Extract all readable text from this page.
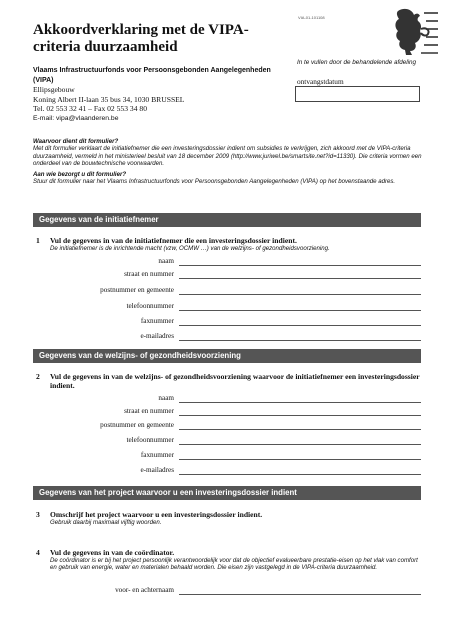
Akkoordverklaring met de VIPA-criteria duurzaamheid
VIA-01-101108
Vlaams Infrastructuurfonds voor Persoonsgebonden Aangelegenheden (VIPA)
Ellipsgebouw
Koning Albert II-laan 35 bus 34, 1030 BRUSSEL
Tel. 02 553 32 41 – Fax 02 553 34 80
E-mail: vipa@vlaanderen.be
In te vullen door de behandelende afdeling
ontvangstdatum
Waarvoor dient dit formulier?
Met dit formulier verklaart de initiatiefnemer die een investeringsdossier indient om subsidies te verkrijgen, zich akkoord met de VIPA-criteria duurzaamheid, vermeld in het ministerieel besluit van 18 december 2009 (http://www.juriwel.be/smartsite.net?id=11330). Die criteria vormen een onderdeel van de bouwtechnische voorwaarden.
Aan wie bezorgt u dit formulier?
Stuur dit formulier naar het Vlaams Infrastructuurfonds voor Persoonsgebonden Aangelegenheden (VIPA) op het bovenstaande adres.
Gegevens van de initiatiefnemer
1 Vul de gegevens in van de initiatiefnemer die een investeringsdossier indient.
De initiatiefnemer is de inrichtende macht (vzw, OCMW …) van de welzijns- of gezondheidsvoorziening.
naam
straat en nummer
postnummer en gemeente
telefoonnummer
faxnummer
e-mailadres
Gegevens van de welzijns- of gezondheidsvoorziening
2 Vul de gegevens in van de welzijns- of gezondheidsvoorziening waarvoor de initiatiefnemer een investeringsdossier indient.
naam
straat en nummer
postnummer en gemeente
telefoonnummer
faxnummer
e-mailadres
Gegevens van het project waarvoor u een investeringsdossier indient
3 Omschrijf het project waarvoor u een investeringsdossier indient.
Gebruik daarbij maximaal vijftig woorden.
4 Vul de gegevens in van de coördinator.
De coördinator is er bij het project persoonlijk verantwoordelijk voor dat de objectief evalueerbare prestatie-eisen op het vlak van comfort en gebruik van energie, water en materialen behaald worden. Die eisen zijn vastgelegd in de VIPA-criteria duurzaamheid.
voor- en achternaam
